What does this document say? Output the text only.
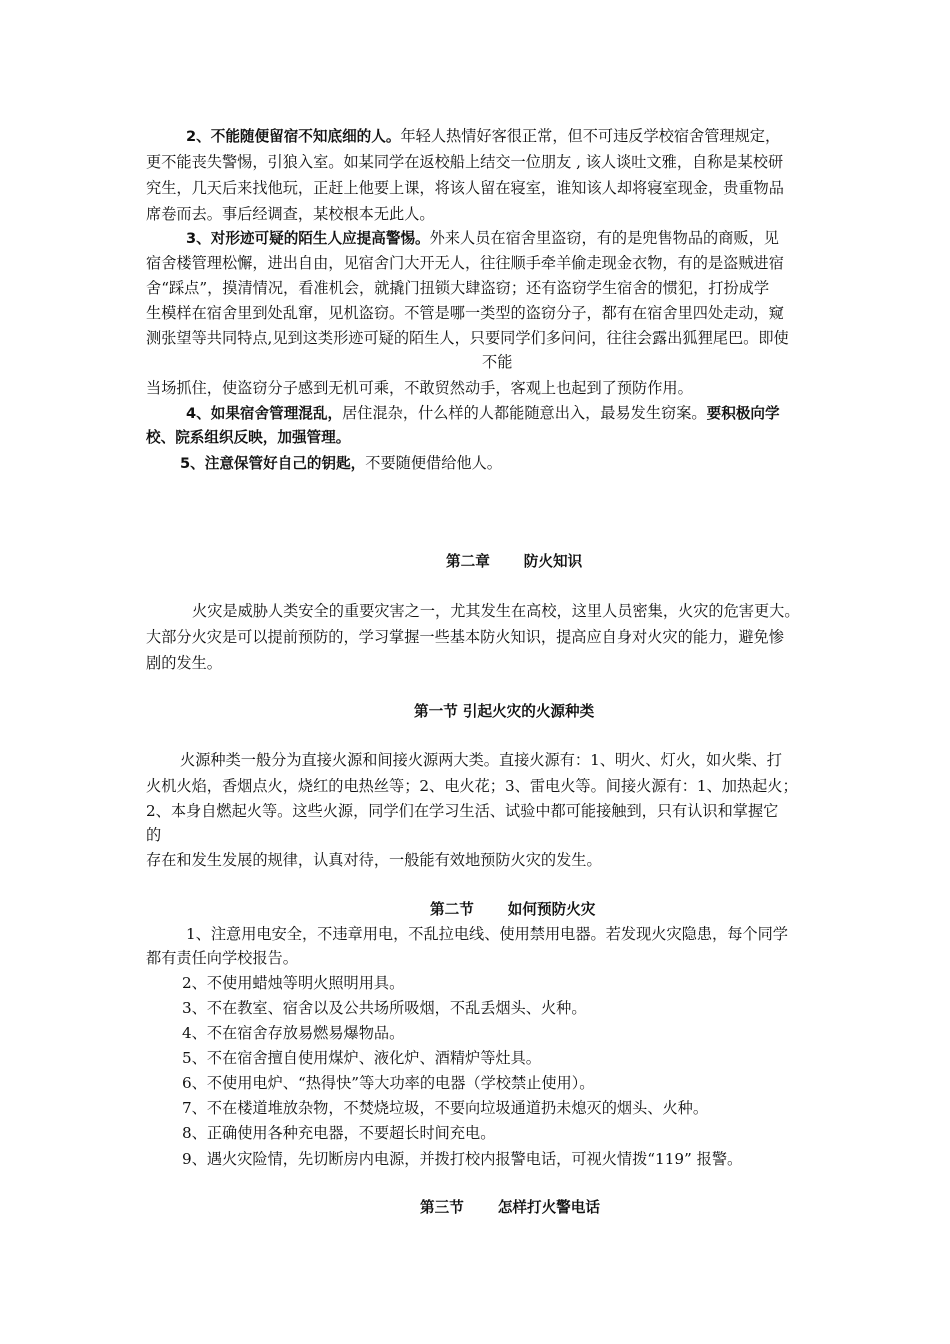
2、不能随便留宿不知底细的人。年轻人热情好客很正常，但不可违反学校宿舍管理规定，
更不能丧失警惕，引狼入室。如某同学在返校船上结交一位朋友 , 该人谈吐文雅，自称是某校研
究生，几天后来找他玩，正赶上他要上课，将该人留在寝室，谁知该人却将寝室现金，贵重物品
席卷而去。事后经调查，某校根本无此人。
3、对形迹可疑的陌生人应提高警惕。外来人员在宿舍里盗窃，有的是兜售物品的商贩，见
宿舍楼管理松懈，进出自由，见宿舍门大开无人，往往顺手牵羊偷走现金衣物，有的是盗贼进宿
舍“踩点”，摸清情况，看准机会，就撬门扭锁大肆盗窃；还有盗窃学生宿舍的惯犯，打扮成学
生模样在宿舍里到处乱窜，见机盗窃。不管是哪一类型的盗窃分子，都有在宿舍里四处走动，窥
测张望等共同特点,见到这类形迹可疑的陌生人，只要同学们多问问，往往会露出狐狸尾巴。即使
不能
当场抓住，使盗窃分子感到无机可乘，不敢贸然动手，客观上也起到了预防作用。
4、如果宿舍管理混乱，居住混杂，什么样的人都能随意出入，最易发生窃案。要积极向学
校、院系组织反映，加强管理。
5、注意保管好自己的钥匙，不要随便借给他人。
第二章 防火知识
火灾是威胁人类安全的重要灾害之一，尤其发生在高校，这里人员密集，火灾的危害更大。
大部分火灾是可以提前预防的，学习掌握一些基本防火知识，提高应自身对火灾的能力，避免惨
剧的发生。
第一节 引起火灾的火源种类
火源种类一般分为直接火源和间接火源两大类。直接火源有：1、明火、灯火，如火柴、打
火机火焰，香烟点火，烧红的电热丝等；2、电火花；3、雷电火等。间接火源有：1、加热起火；
2、本身自燃起火等。这些火源，同学们在学习生活、试验中都可能接触到，只有认识和掌握它
的
存在和发生发展的规律，认真对待，一般能有效地预防火灾的发生。
第二节 如何预防火灾
1、注意用电安全，不违章用电，不乱拉电线、使用禁用电器。若发现火灾隐患，每个同学
都有责任向学校报告。
2、不使用蜡烛等明火照明用具。
3、不在教室、宿舍以及公共场所吸烟，不乱丢烟头、火种。
4、不在宿舍存放易燃易爆物品。
5、不在宿舍擅自使用煤炉、液化炉、酒精炉等灶具。
6、不使用电炉、“热得快”等大功率的电器（学校禁止使用）。
7、不在楼道堆放杂物，不焚烧垃圾，不要向垃圾通道扔未熄灭的烟头、火种。
8、正确使用各种充电器，不要超长时间充电。
9、遇火灾险情，先切断房内电源，并拨打校内报警电话，可视火情拨“119” 报警。
第三节 怎样打火警电话
